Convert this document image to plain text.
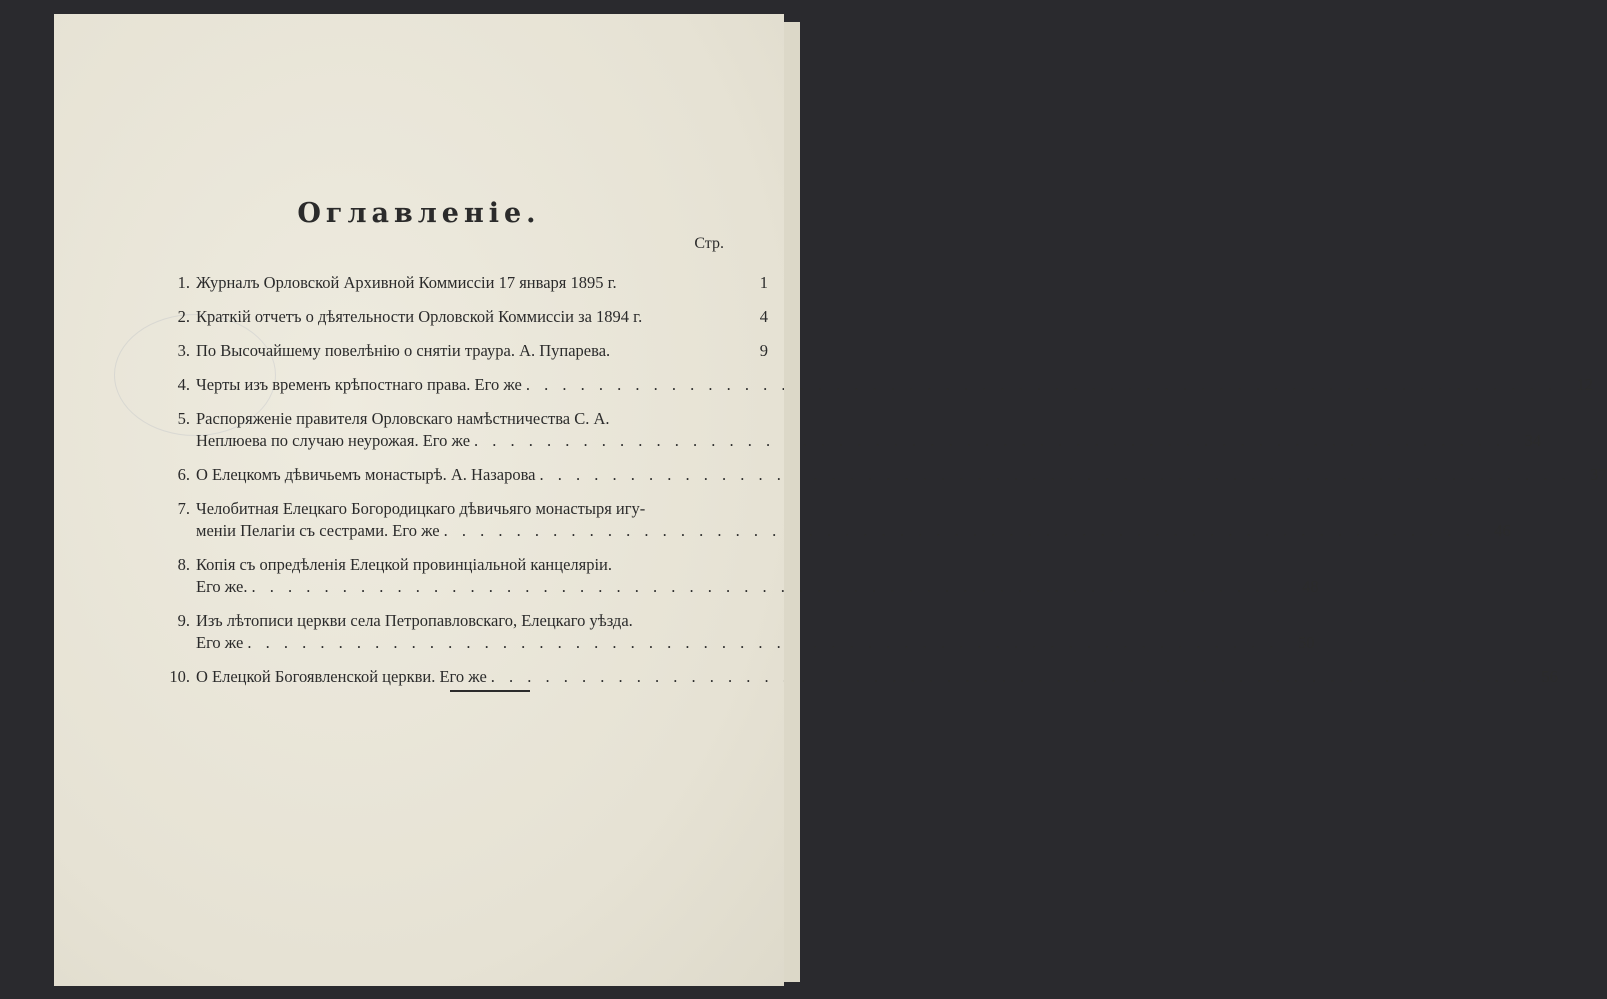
Оглавленіе.
Стр.
1. Журналъ Орловской Архивной Коммиссіи 17 января 1895 г.	1
2. Краткій отчетъ о дѣятельности Орловской Коммиссіи за 1894 г.	4
3. По Высочайшему повелѣнію о снятіи траура. А. Пупарева.	9
4. Черты изъ временъ крѣпостнаго права. Его же . . .	12
5. Распоряженіе правителя Орловскаго намѣстничества С. А.
Неплюева по случаю неурожая. Его же . . .	34
6. О Елецкомъ дѣвичьемъ монастырѣ. А. Назарова . . .	37
7. Челобитная Елецкаго Богородицкаго дѣвичьяго монастыря игу-
меніи Пелагіи съ сестрами. Его же . . .	46
8. Копія съ опредѣленія Елецкой провинціальной канцеляріи.
Его же. . . .	48
9. Изъ лѣтописи церкви села Петропавловскаго, Елецкаго уѣзда.
Его же . . .	50
10. О Елецкой Богоявленской церкви. Его же . . .	56
